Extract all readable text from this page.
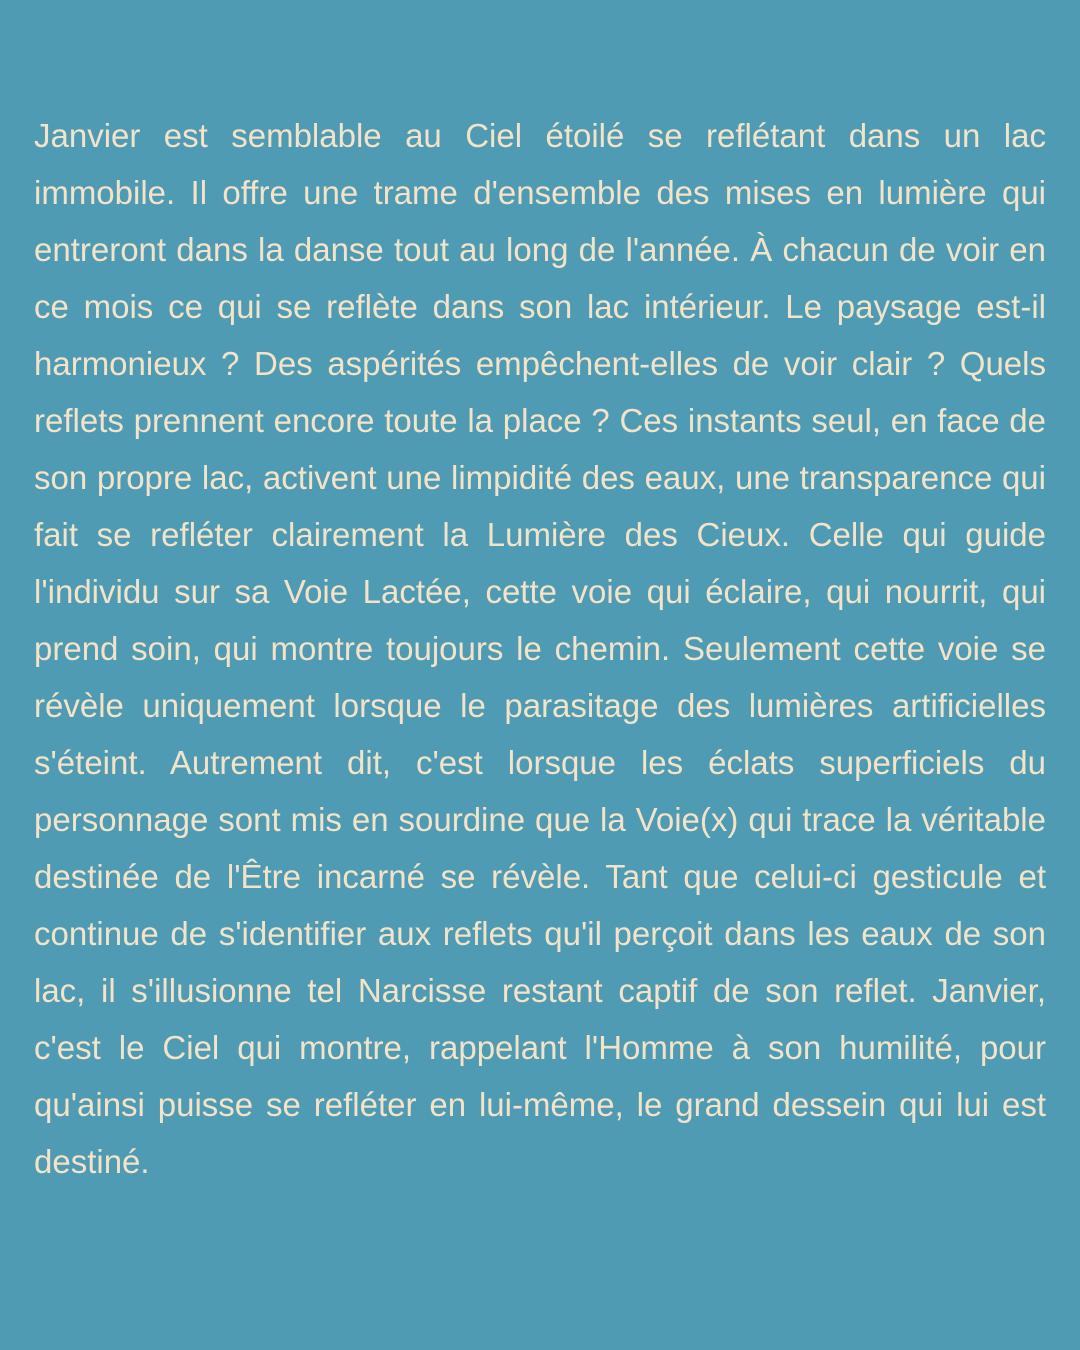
Janvier est semblable au Ciel étoilé se reflétant dans un lac immobile. Il offre une trame d'ensemble des mises en lumière qui entreront dans la danse tout au long de l'année. À chacun de voir en ce mois ce qui se reflète dans son lac intérieur. Le paysage est-il harmonieux ? Des aspérités empêchent-elles de voir clair ? Quels reflets prennent encore toute la place ? Ces instants seul, en face de son propre lac, activent une limpidité des eaux, une transparence qui fait se refléter clairement la Lumière des Cieux. Celle qui guide l'individu sur sa Voie Lactée, cette voie qui éclaire, qui nourrit, qui prend soin, qui montre toujours le chemin. Seulement cette voie se révèle uniquement lorsque le parasitage des lumières artificielles s'éteint. Autrement dit, c'est lorsque les éclats superficiels du personnage sont mis en sourdine que la Voie(x) qui trace la véritable destinée de l'Être incarné se révèle. Tant que celui-ci gesticule et continue de s'identifier aux reflets qu'il perçoit dans les eaux de son lac, il s'illusionne tel Narcisse restant captif de son reflet. Janvier, c'est le Ciel qui montre, rappelant l'Homme à son humilité, pour qu'ainsi puisse se refléter en lui-même, le grand dessein qui lui est destiné.
